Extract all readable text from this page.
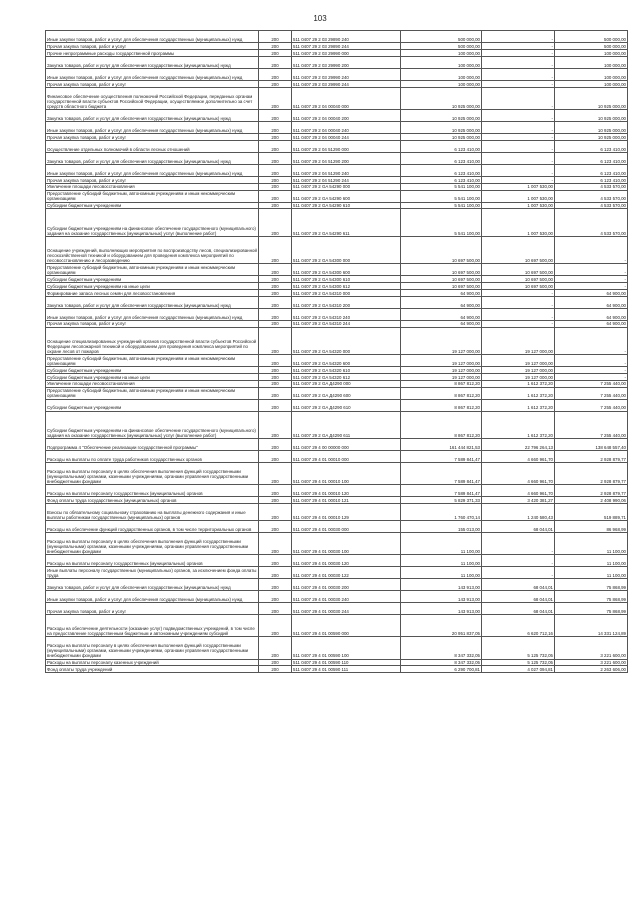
103
Иные закупки товаров, работ и услуг для обеспечения государственных (муниципальных) нужд	200	511 0407 29 2 03 29890 240	500 000,00	-	500 000,00
Прочая закупка товаров, работ и услуг	200	511 0407 29 2 03 29890 244	500 000,00	-	500 000,00
Прочие непрограммные расходы государственной программы	200	511 0407 29 2 03 29990 000	100 000,00	-	100 000,00
Закупка товаров, работ и услуг для обеспечения государственных (муниципальных) нужд	200	511 0407 29 2 03 29990 200	100 000,00	-	100 000,00
Иные закупки товаров, работ и услуг для обеспечения государственных (муниципальных) нужд	200	511 0407 29 2 03 29990 240	100 000,00	-	100 000,00
Прочая закупка товаров, работ и услуг	200	511 0407 29 2 03 29990 244	100 000,00	-	100 000,00
Финансовое обеспечение осуществления полномочий Российской Федерации, переданных органам государственной власти субъектов Российской Федерации, осуществляемое дополнительно за счет средств областного бюджета	200	511 0407 29 2 04 00040 000	10 925 000,00	-	10 925 000,00
Закупка товаров, работ и услуг для обеспечения государственных (муниципальных) нужд	200	511 0407 29 2 04 00040 200	10 925 000,00	-	10 925 000,00
Иные закупки товаров, работ и услуг для обеспечения государственных (муниципальных) нужд	200	511 0407 29 2 04 00040 240	10 925 000,00	-	10 925 000,00
Прочая закупка товаров, работ и услуг	200	511 0407 29 2 04 00040 244	10 925 000,00	-	10 925 000,00
Осуществление отдельных полномочий в области лесных отношений	200	511 0407 29 2 04 51290 000	6 123 410,00	-	6 123 410,00
Закупка товаров, работ и услуг для обеспечения государственных (муниципальных) нужд	200	511 0407 29 2 04 51290 200	6 123 410,00	-	6 123 410,00
Иные закупки товаров, работ и услуг для обеспечения государственных (муниципальных) нужд	200	511 0407 29 2 04 51290 240	6 123 410,00	-	6 123 410,00
Прочая закупка товаров, работ и услуг	200	511 0407 29 2 04 51290 244	6 123 410,00	-	6 123 410,00
Увеличение площади лесовосстановления	200	511 0407 29 2 GA 54290 000	5 541 100,00	1 007 530,00	4 533 570,00
Предоставление субсидий бюджетным, автономным учреждениям и иным некоммерческим организациям	200	511 0407 29 2 GA 54290 600	5 541 100,00	1 007 530,00	4 533 570,00
Субсидии бюджетным учреждениям	200	511 0407 29 2 GA 54290 610	5 541 100,00	1 007 530,00	4 533 570,00
Субсидии бюджетным учреждениям на финансовое обеспечение государственного (муниципального) задания на оказание государственных (муниципальных) услуг (выполнение работ)	200	511 0407 29 2 GA 54290 611	5 541 100,00	1 007 530,00	4 533 570,00
Оснащение учреждений, выполняющих мероприятия по воспроизводству лесов, специализированной лесохозяйственной техникой и оборудованием для проведения комплекса мероприятий по лесовосстановлению и лесоразведению	200	511 0407 29 2 GA 54300 000	10 697 500,00	10 697 500,00	-
Предоставление субсидий бюджетным, автономным учреждениям и иным некоммерческим организациям	200	511 0407 29 2 GA 54300 600	10 697 500,00	10 697 500,00	-
Субсидии бюджетным учреждениям	200	511 0407 29 2 GA 54300 610	10 697 500,00	10 697 500,00	-
Субсидии бюджетным учреждениям на иные цели	200	511 0407 29 2 GA 54300 612	10 697 500,00	10 697 500,00	-
Формирование запаса лесных семян для лесовосстановления	200	511 0407 29 2 GA 54310 000	64 900,00	-	64 900,00
Закупка товаров, работ и услуг для обеспечения государственных (муниципальных) нужд	200	511 0407 29 2 GA 54310 200	64 900,00	-	64 900,00
Иные закупки товаров, работ и услуг для обеспечения государственных (муниципальных) нужд	200	511 0407 29 2 GA 54310 240	64 900,00	-	64 900,00
Прочая закупка товаров, работ и услуг	200	511 0407 29 2 GA 54310 244	64 900,00	-	64 900,00
Оснащение специализированных учреждений органов государственной власти субъектов Российской Федерации лесопожарной техникой и оборудованием для проведения комплекса мероприятий по охране лесов от пожаров	200	511 0407 29 2 GA 54320 000	19 127 000,00	19 127 000,00	-
Предоставление субсидий бюджетным, автономным учреждениям и иным некоммерческим организациям	200	511 0407 29 2 GA 54320 600	19 127 000,00	19 127 000,00	-
Субсидии бюджетным учреждениям	200	511 0407 29 2 GA 54320 610	19 127 000,00	19 127 000,00	-
Субсидии бюджетным учреждениям на иные цели	200	511 0407 29 2 GA 54320 612	19 127 000,00	19 127 000,00	-
Увеличение площади лесовосстановления	200	511 0407 29 2 GA Д4290 000	8 867 812,20	1 612 372,20	7 255 440,00
Предоставление субсидий бюджетным, автономным учреждениям и иным некоммерческим организациям	200	511 0407 29 2 GA Д4290 600	8 867 812,20	1 612 372,20	7 255 440,00
Субсидии бюджетным учреждениям	200	511 0407 29 2 GA Д4290 610	8 867 812,20	1 612 372,20	7 255 440,00
Субсидии бюджетным учреждениям на финансовое обеспечение государственного (муниципального) задания на оказание государственных (муниципальных) услуг (выполнение работ)	200	511 0407 29 2 GA Д4290 611	8 867 812,20	1 612 372,20	7 255 440,00
Подпрограмма 4 "Обеспечение реализации государственной программы"	200	511 0407 29 4 00 00000 000	161 444 821,53	22 796 264,13	138 648 557,40
Расходы на выплаты по оплате труда работников государственных органов	200	511 0407 29 4 01 00010 000	7 589 841,47	4 660 961,70	2 928 879,77
Расходы на выплаты персоналу в целях обеспечения выполнения функций государственными (муниципальными) органами, казенными учреждениями, органами управления государственными внебюджетными фондами	200	511 0407 29 4 01 00010 100	7 589 841,47	4 660 961,70	2 928 879,77
Расходы на выплаты персоналу государственных (муниципальных) органов	200	511 0407 29 4 01 00010 120	7 589 841,47	4 660 961,70	2 928 879,77
Фонд оплаты труда государственных (муниципальных) органов	200	511 0407 29 4 01 00010 121	5 829 371,33	3 420 381,27	2 408 990,06
Взносы по обязательному социальному страхованию на выплаты денежного содержания и иные выплаты работникам государственных (муниципальных) органов	200	511 0407 29 4 01 00010 129	1 760 470,14	1 240 580,43	519 889,71
Расходы на обеспечение функций государственных органов, в том числе территориальных органов	200	511 0407 29 4 01 00030 000	155 013,00	68 044,01	86 968,99
Расходы на выплаты персоналу в целях обеспечения выполнения функций государственными (муниципальными) органами, казенными учреждениями, органами управления государственными внебюджетными фондами	200	511 0407 29 4 01 00030 100	11 100,00	-	11 100,00
Расходы на выплаты персоналу государственных (муниципальных) органов	200	511 0407 29 4 01 00030 120	11 100,00	-	11 100,00
Иные выплаты персоналу государственных (муниципальных) органов, за исключением фонда оплаты труда	200	511 0407 29 4 01 00030 122	11 100,00	-	11 100,00
Закупка товаров, работ и услуг для обеспечения государственных (муниципальных) нужд	200	511 0407 29 4 01 00030 200	143 913,00	68 044,01	75 868,99
Иные закупки товаров, работ и услуг для обеспечения государственных (муниципальных) нужд	200	511 0407 29 4 01 00030 240	143 913,00	68 044,01	75 868,99
Прочая закупка товаров, работ и услуг	200	511 0407 29 4 01 00030 244	143 913,00	68 044,01	75 868,99
Расходы на обеспечение деятельности (оказание услуг) подведомственных учреждений, в том числе на предоставление государственным бюджетным и автономным учреждениям субсидий	200	511 0407 29 4 01 00590 000	20 951 837,05	6 620 712,16	14 331 124,89
Расходы на выплаты персоналу в целях обеспечения выполнения функций государственными (муниципальными) органами, казенными учреждениями, органами управления государственными внебюджетными фондами	200	511 0407 29 4 01 00590 100	8 347 332,05	5 125 732,05	3 221 600,00
Расходы на выплаты персоналу казенных учреждений	200	511 0407 29 4 01 00590 110	8 347 332,05	5 125 732,05	3 221 600,00
Фонд оплаты труда учреждений	200	511 0407 29 4 01 00590 111	6 290 700,81	4 027 094,81	2 263 606,00
